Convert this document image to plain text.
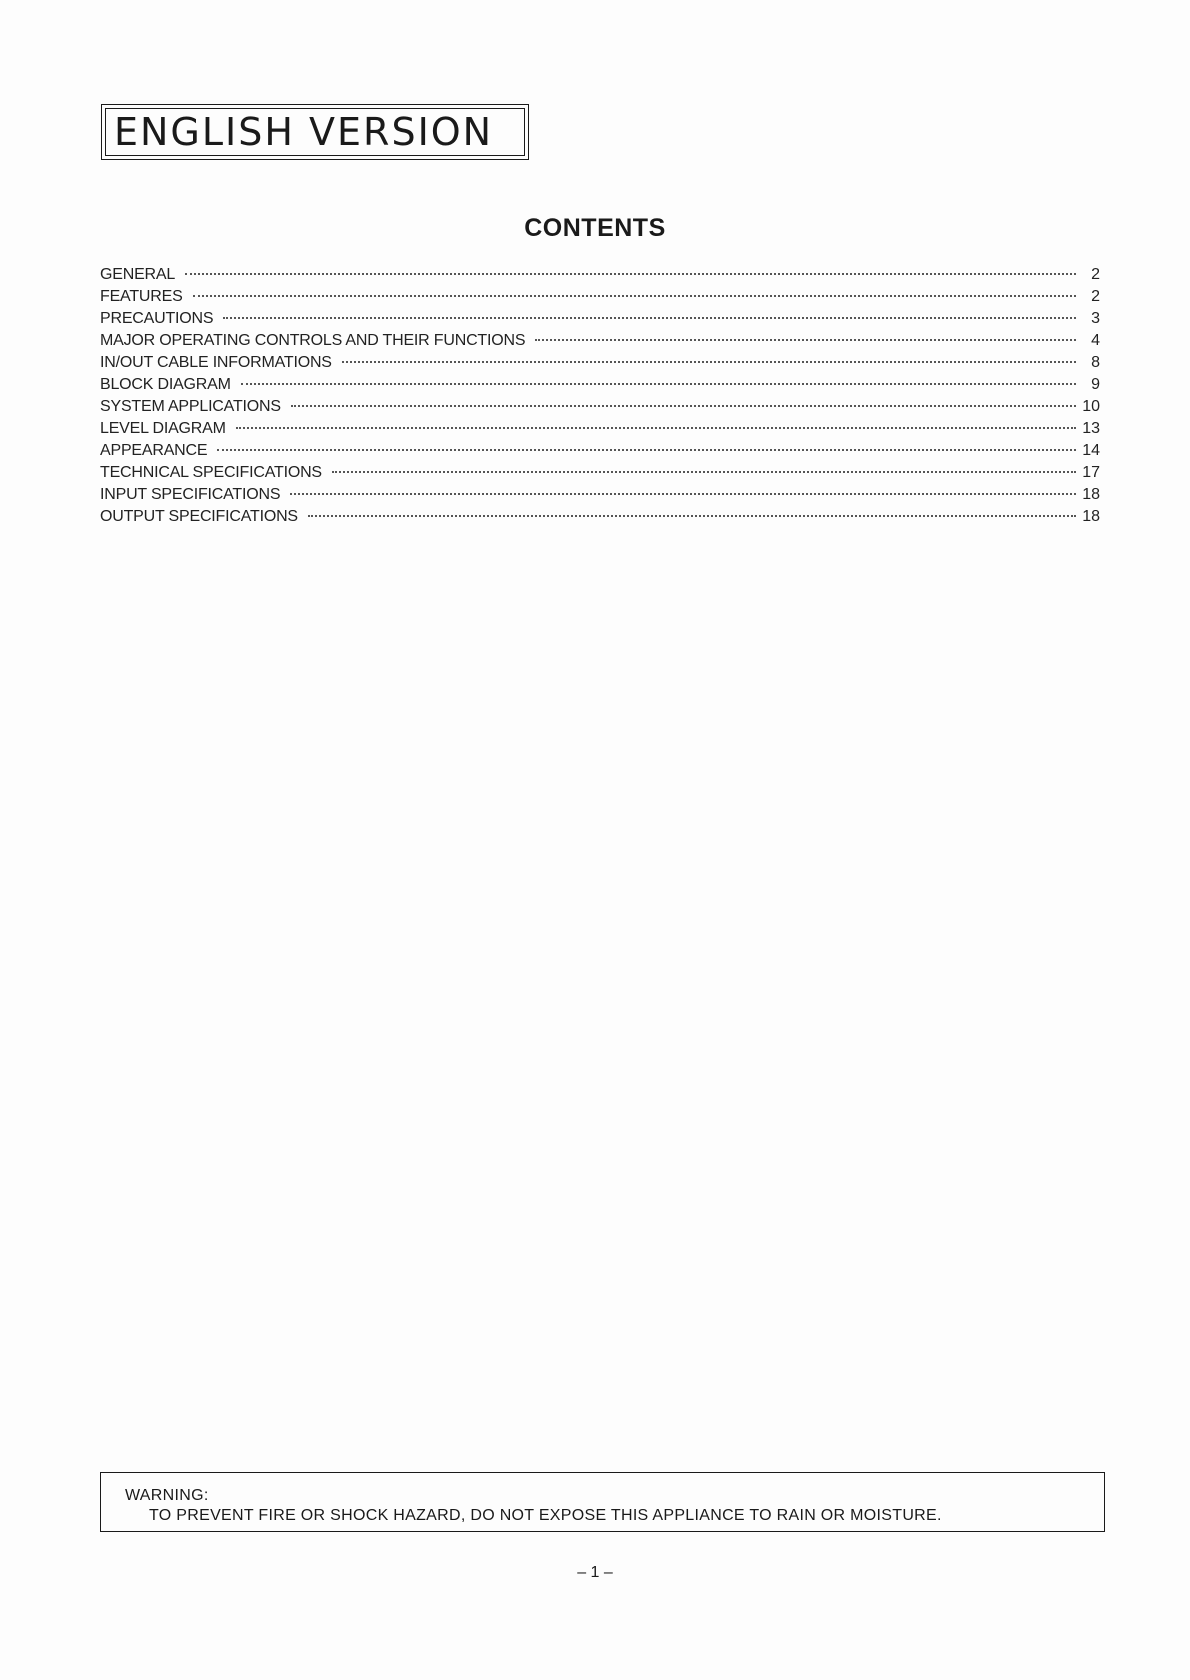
ENGLISH VERSION
CONTENTS
GENERAL	2
FEATURES	2
PRECAUTIONS	3
MAJOR OPERATING CONTROLS AND THEIR FUNCTIONS	4
IN/OUT CABLE INFORMATIONS	8
BLOCK DIAGRAM	9
SYSTEM APPLICATIONS	10
LEVEL DIAGRAM	13
APPEARANCE	14
TECHNICAL SPECIFICATIONS	17
INPUT SPECIFICATIONS	18
OUTPUT SPECIFICATIONS	18
WARNING:
TO PREVENT FIRE OR SHOCK HAZARD, DO NOT EXPOSE THIS APPLIANCE TO RAIN OR MOISTURE.
– 1 –
